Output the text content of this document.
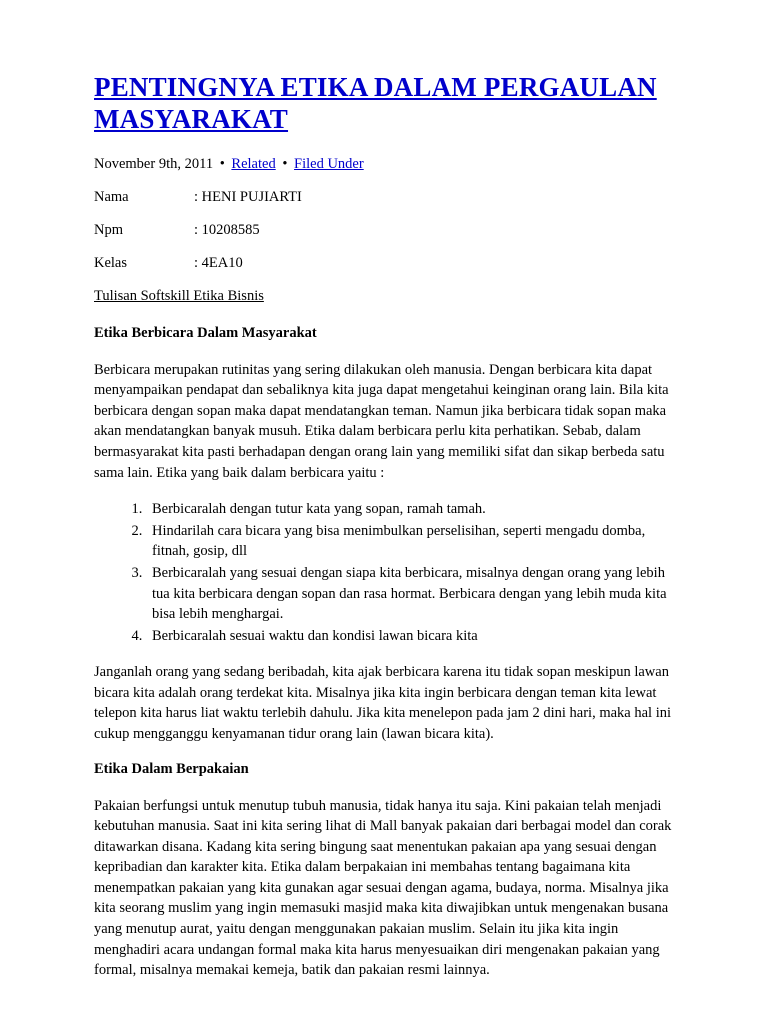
PENTINGNYA ETIKA DALAM PERGAULAN MASYARAKAT
November 9th, 2011 • Related • Filed Under
Nama	: HENI PUJIARTI
Npm	: 10208585
Kelas	: 4EA10
Tulisan Softskill Etika Bisnis
Etika Berbicara Dalam Masyarakat

Berbicara merupakan rutinitas yang sering dilakukan oleh manusia. Dengan berbicara kita dapat menyampaikan pendapat dan sebaliknya kita juga dapat mengetahui keinginan orang lain. Bila kita berbicara dengan sopan maka dapat mendatangkan teman. Namun jika berbicara tidak sopan maka akan mendatangkan banyak musuh. Etika dalam berbicara perlu kita perhatikan. Sebab, dalam bermasyarakat kita pasti berhadapan dengan orang lain yang memiliki sifat dan sikap berbeda satu sama lain. Etika yang baik dalam berbicara yaitu :

1. Berbicaralah dengan tutur kata yang sopan, ramah tamah.
2. Hindarilah cara bicara yang bisa menimbulkan perselisihan, seperti mengadu domba, fitnah, gosip, dll
3. Berbicaralah yang sesuai dengan siapa kita berbicara, misalnya dengan orang yang lebih tua kita berbicara dengan sopan dan rasa hormat. Berbicara dengan yang lebih muda kita bisa lebih menghargai.
4. Berbicaralah sesuai waktu dan kondisi lawan bicara kita

Janganlah orang yang sedang beribadah, kita ajak berbicara karena itu tidak sopan meskipun lawan bicara kita adalah orang terdekat kita. Misalnya jika kita ingin berbicara dengan teman kita lewat telepon kita harus liat waktu terlebih dahulu. Jika kita menelepon pada jam 2 dini hari, maka hal ini cukup mengganggu kenyamanan tidur orang lain (lawan bicara kita).

Etika Dalam Berpakaian

Pakaian berfungsi untuk menutup tubuh manusia, tidak hanya itu saja. Kini pakaian telah menjadi kebutuhan manusia. Saat ini kita sering lihat di Mall banyak pakaian dari berbagai model dan corak ditawarkan disana. Kadang kita sering bingung saat menentukan pakaian apa yang sesuai dengan kepribadian dan karakter kita. Etika dalam berpakaian ini membahas tentang bagaimana kita menempatkan pakaian yang kita gunakan agar sesuai dengan agama, budaya, norma. Misalnya jika kita seorang muslim yang ingin memasuki masjid maka kita diwajibkan untuk mengenakan busana yang menutup aurat, yaitu dengan menggunakan pakaian muslim. Selain itu jika kita ingin menghadiri acara undangan formal maka kita harus menyesuaikan diri mengenakan pakaian yang formal, misalnya memakai kemeja, batik dan pakaian resmi lainnya.
